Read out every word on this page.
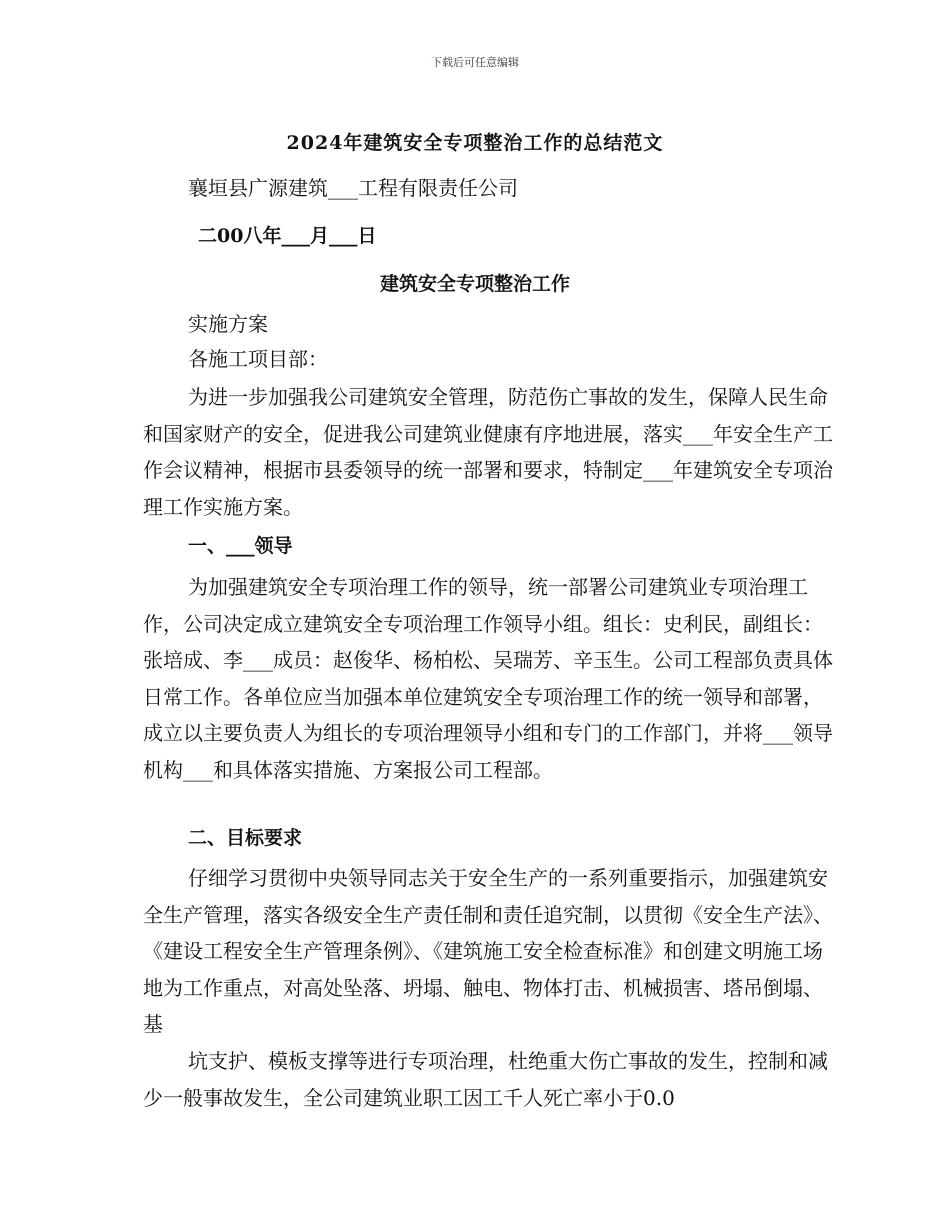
下载后可任意编辑
2024年建筑安全专项整治工作的总结范文
襄垣县广源建筑___工程有限责任公司
二00八年___月___日
建筑安全专项整治工作
实施方案
各施工项目部：
为进一步加强我公司建筑安全管理，防范伤亡事故的发生，保障人民生命和国家财产的安全，促进我公司建筑业健康有序地进展，落实___年安全生产工作会议精神，根据市县委领导的统一部署和要求，特制定___年建筑安全专项治理工作实施方案。
一、___领导
为加强建筑安全专项治理工作的领导，统一部署公司建筑业专项治理工作，公司决定成立建筑安全专项治理工作领导小组。组长：史利民，副组长：张培成、李___成员：赵俊华、杨柏松、吴瑞芳、辛玉生。公司工程部负责具体日常工作。各单位应当加强本单位建筑安全专项治理工作的统一领导和部署，成立以主要负责人为组长的专项治理领导小组和专门的工作部门，并将___领导机构___和具体落实措施、方案报公司工程部。
二、目标要求
仔细学习贯彻中央领导同志关于安全生产的一系列重要指示，加强建筑安全生产管理，落实各级安全生产责任制和责任追究制，以贯彻《安全生产法》、《建设工程安全生产管理条例》、《建筑施工安全检查标准》和创建文明施工场地为工作重点，对高处坠落、坍塌、触电、物体打击、机械损害、塔吊倒塌、基
坑支护、模板支撑等进行专项治理，杜绝重大伤亡事故的发生，控制和减少一般事故发生，全公司建筑业职工因工千人死亡率小于0.0
